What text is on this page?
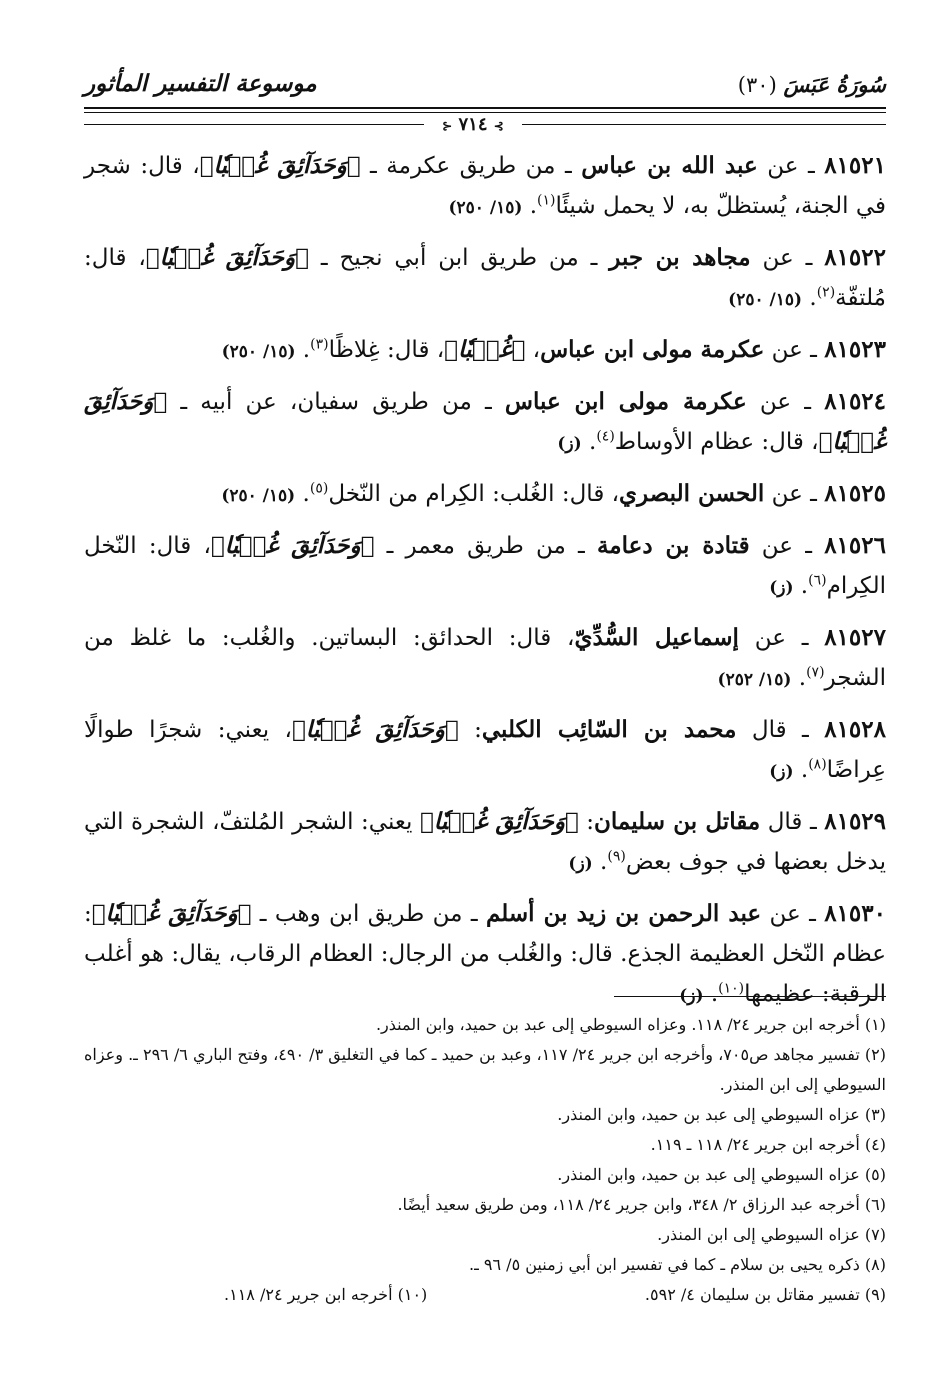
موسوعة التفسير المأثور	سُورَةُ عَبَسَ (٣٠)
⊱ ٧١٤ ⊰

٨١٥٢١ ـ عن عبد الله بن عباس ـ من طريق عكرمة ـ ﴿وَحَدَآئِقَ غُلۡبٗا﴾، قال: شجر في الجنة، يُستظلّ به، لا يحمل شيئًا$^{(١)}$. (١٥/ ٢٥٠)

٨١٥٢٢ ـ عن مجاهد بن جبر ـ من طريق ابن أبي نجيح ـ ﴿وَحَدَآئِقَ غُلۡبٗا﴾، قال: مُلتفّة$^{(٢)}$. (١٥/ ٢٥٠)

٨١٥٢٣ ـ عن عكرمة مولى ابن عباس، ﴿غُلۡبٗا﴾، قال: غِلاظًا$^{(٣)}$. (١٥/ ٢٥٠)

٨١٥٢٤ ـ عن عكرمة مولى ابن عباس ـ من طريق سفيان، عن أبيه ـ ﴿وَحَدَآئِقَ غُلۡبٗا﴾، قال: عظام الأوساط$^{(٤)}$. (ز)

٨١٥٢٥ ـ عن الحسن البصري، قال: الغُلب: الكِرام من النّخل$^{(٥)}$. (١٥/ ٢٥٠)

٨١٥٢٦ ـ عن قتادة بن دعامة ـ من طريق معمر ـ ﴿وَحَدَآئِقَ غُلۡبٗا﴾، قال: النّخل الكِرام$^{(٦)}$. (ز)

٨١٥٢٧ ـ عن إسماعيل السُّدِّيّ، قال: الحدائق: البساتين. والغُلب: ما غلظ من الشجر$^{(٧)}$. (١٥/ ٢٥٢)

٨١٥٢٨ ـ قال محمد بن السّائِب الكلبي: ﴿وَحَدَآئِقَ غُلۡبٗا﴾، يعني: شجرًا طوالًا عِراضًا$^{(٨)}$. (ز)

٨١٥٢٩ ـ قال مقاتل بن سليمان: ﴿وَحَدَآئِقَ غُلۡبٗا﴾ يعني: الشجر المُلتفّ، الشجرة التي يدخل بعضها في جوف بعض$^{(٩)}$. (ز)

٨١٥٣٠ ـ عن عبد الرحمن بن زيد بن أسلم ـ من طريق ابن وهب ـ ﴿وَحَدَآئِقَ غُلۡبٗا﴾: عظام النّخل العظيمة الجذع. قال: والغُلب من الرجال: العظام الرقاب، يقال: هو أغلب الرقبة: عظيمها$^{(١٠)}$. (ز)

(١) أخرجه ابن جرير ٢٤/ ١١٨. وعزاه السيوطي إلى عبد بن حميد، وابن المنذر.

(٢) تفسير مجاهد ص٧٠٥، وأخرجه ابن جرير ٢٤/ ١١٧، وعبد بن حميد ـ كما في التغليق ٣/ ٤٩٠، وفتح الباري ٦/ ٢٩٦ ـ. وعزاه السيوطي إلى ابن المنذر.

(٣) عزاه السيوطي إلى عبد بن حميد، وابن المنذر.

(٤) أخرجه ابن جرير ٢٤/ ١١٨ ـ ١١٩.

(٥) عزاه السيوطي إلى عبد بن حميد، وابن المنذر.

(٦) أخرجه عبد الرزاق ٢/ ٣٤٨، وابن جرير ٢٤/ ١١٨، ومن طريق سعيد أيضًا.

(٧) عزاه السيوطي إلى ابن المنذر.

(٨) ذكره يحيى بن سلام ـ كما في تفسير ابن أبي زمنين ٥/ ٩٦ ـ.

(٩) تفسير مقاتل بن سليمان ٤/ ٥٩٢.
(١٠) أخرجه ابن جرير ٢٤/ ١١٨.
